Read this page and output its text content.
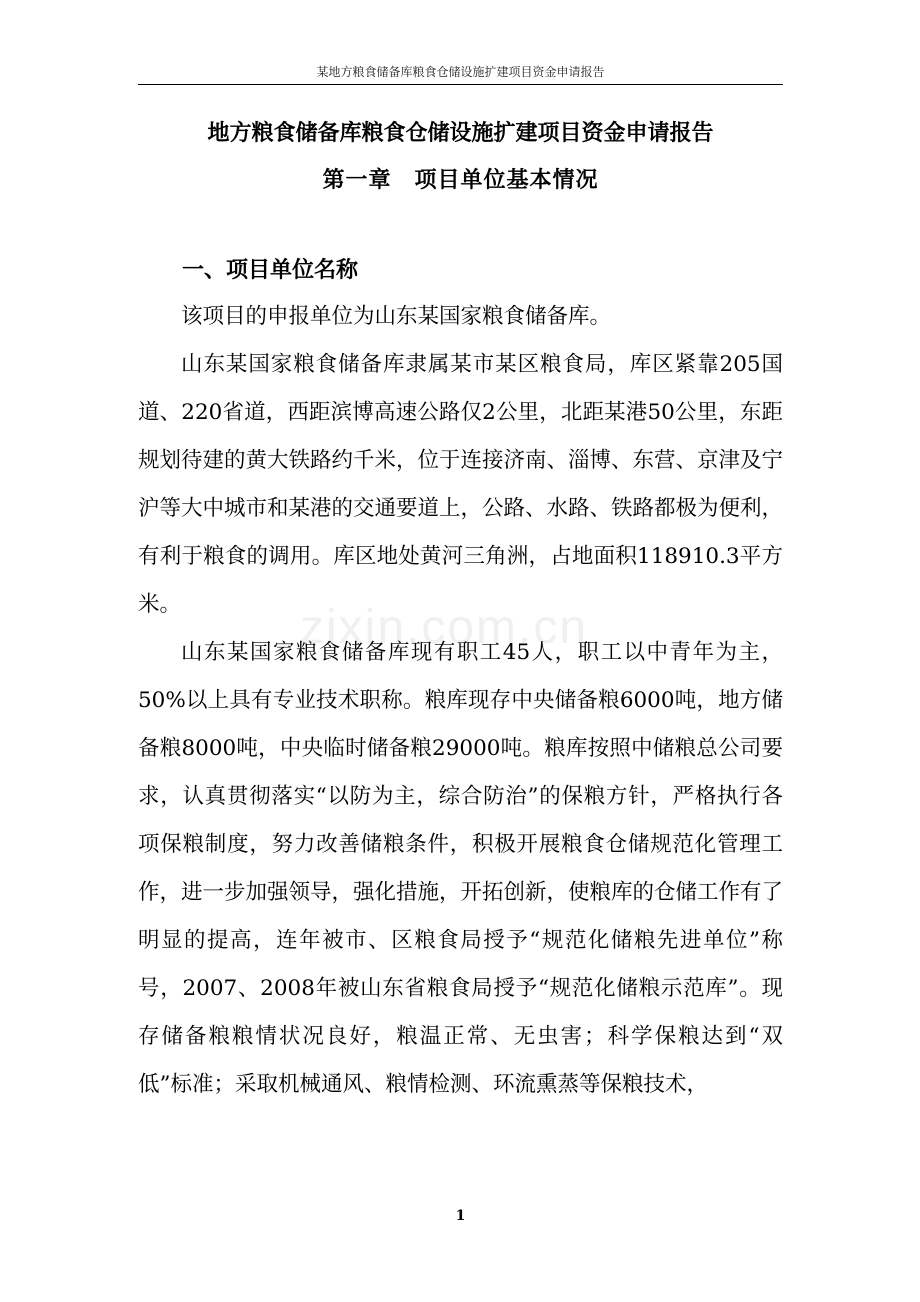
某地方粮食储备库粮食仓储设施扩建项目资金申请报告
地方粮食储备库粮食仓储设施扩建项目资金申请报告
第一章　项目单位基本情况
一、项目单位名称

该项目的申报单位为山东某国家粮食储备库。

山东某国家粮食储备库隶属某市某区粮食局，库区紧靠205国道、220省道，西距滨博高速公路仅2公里，北距某港50公里，东距规划待建的黄大铁路约千米，位于连接济南、淄博、东营、京津及宁沪等大中城市和某港的交通要道上，公路、水路、铁路都极为便利，有利于粮食的调用。库区地处黄河三角洲，占地面积118910.3平方米。

山东某国家粮食储备库现有职工45人，职工以中青年为主，50%以上具有专业技术职称。粮库现存中央储备粮6000吨，地方储备粮8000吨，中央临时储备粮29000吨。粮库按照中储粮总公司要求，认真贯彻落实“以防为主，综合防治”的保粮方针，严格执行各项保粮制度，努力改善储粮条件，积极开展粮食仓储规范化管理工作，进一步加强领导，强化措施，开拓创新，使粮库的仓储工作有了明显的提高，连年被市、区粮食局授予“规范化储粮先进单位”称号，2007、2008年被山东省粮食局授予“规范化储粮示范库”。现存储备粮粮情状况良好，粮温正常、无虫害；科学保粮达到“双低”标准；采取机械通风、粮情检测、环流熏蒸等保粮技术，

zixin.com.cn
1
